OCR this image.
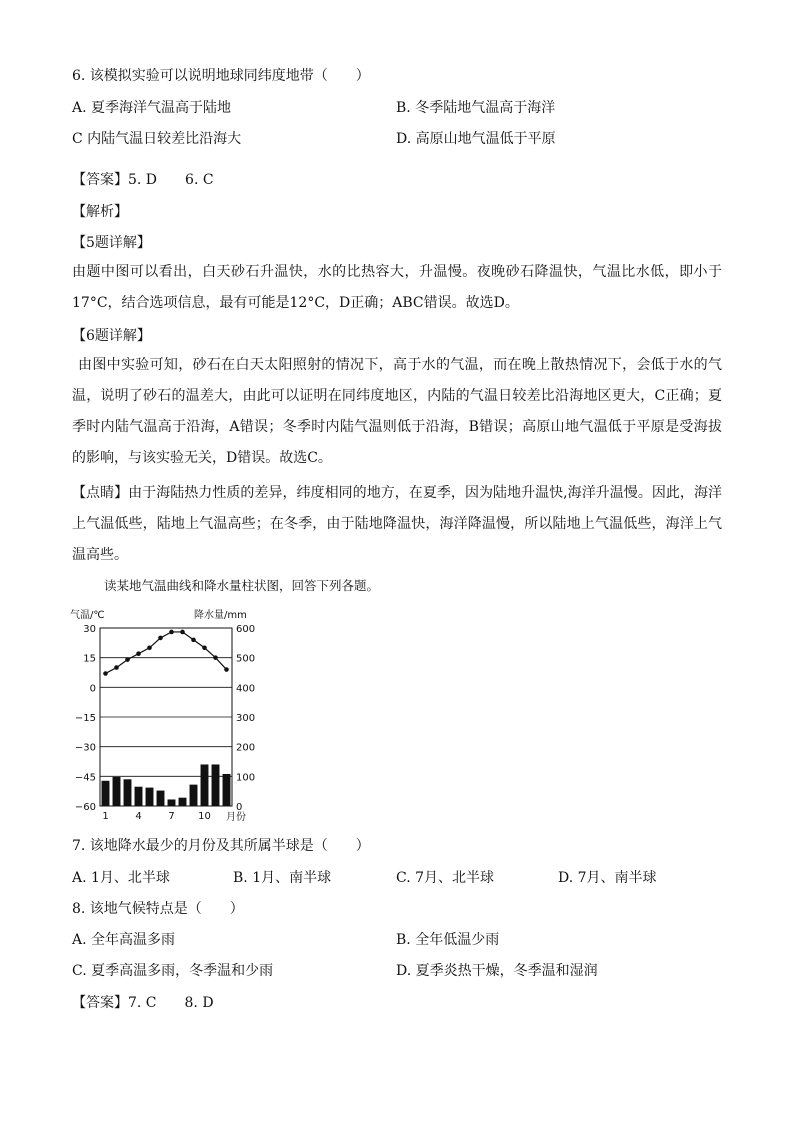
6. 该模拟实验可以说明地球同纬度地带（　　）
A. 夏季海洋气温高于陆地	B. 冬季陆地气温高于海洋
C 内陆气温日较差比沿海大	D. 高原山地气温低于平原
【答案】5. D　　6. C
【解析】
【5题详解】
由题中图可以看出，白天砂石升温快，水的比热容大，升温慢。夜晚砂石降温快，气温比水低，即小于17°C，结合选项信息，最有可能是12°C，D正确；ABC错误。故选D。
【6题详解】
由图中实验可知，砂石在白天太阳照射的情况下，高于水的气温，而在晚上散热情况下，会低于水的气温，说明了砂石的温差大，由此可以证明在同纬度地区，内陆的气温日较差比沿海地区更大，C正确；夏季时内陆气温高于沿海，A错误；冬季时内陆气温则低于沿海，B错误；高原山地气温低于平原是受海拔的影响，与该实验无关，D错误。故选C。
【点睛】由于海陆热力性质的差异，纬度相同的地方，在夏季，因为陆地升温快,海洋升温慢。因此，海洋上气温低些，陆地上气温高些；在冬季，由于陆地降温快，海洋降温慢，所以陆地上气温低些，海洋上气温高些。
读某地气温曲线和降水量柱状图，回答下列各题。
气温/℃	降水量/mm
月份
30
15
0
−15
−30
−45
−60
600
500
400
300
200
100
0
1	4	7 10
7. 该地降水最少的月份及其所属半球是（　　）
A. 1月、北半球	B. 1月、南半球	C. 7月、北半球	D. 7月、南半球
8. 该地气候特点是（　　）
A. 全年高温多雨	B. 全年低温少雨
C. 夏季高温多雨，冬季温和少雨	D. 夏季炎热干燥，冬季温和湿润
【答案】7. C　　8. D
